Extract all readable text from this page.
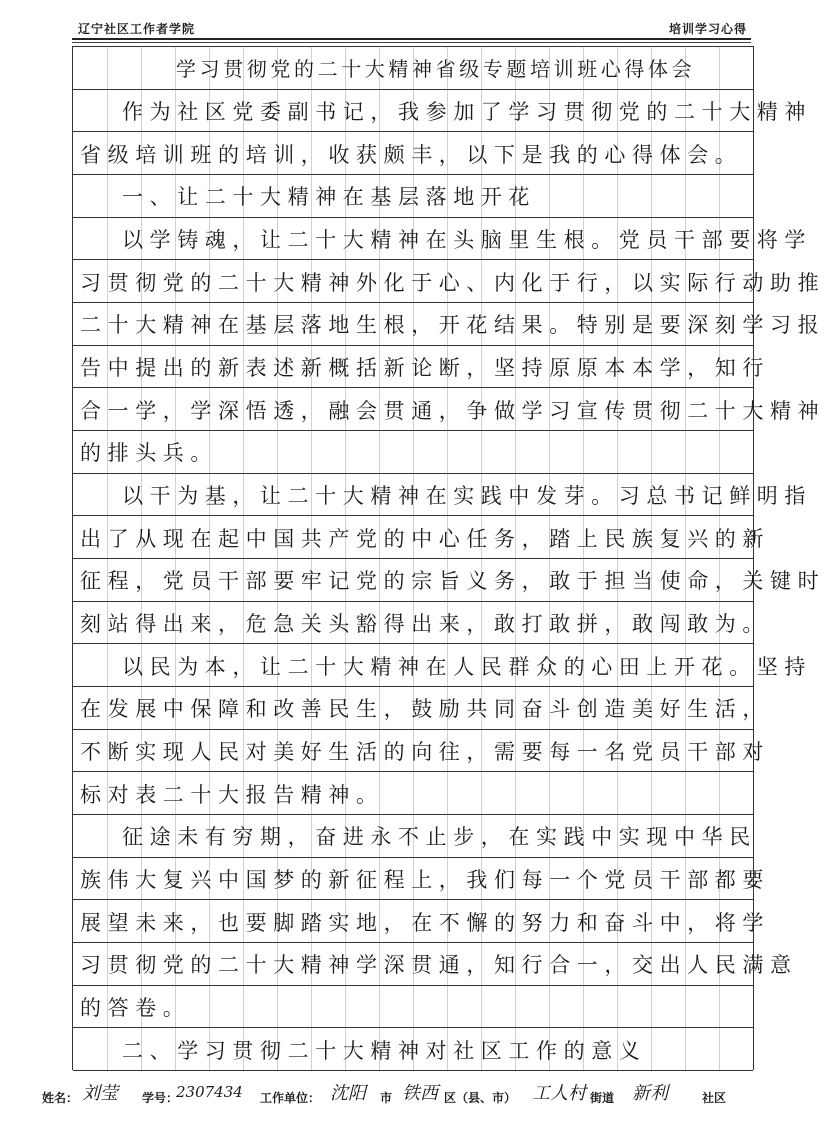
辽宁社区工作者学院	培训学习心得
学习贯彻党的二十大精神省级专题培训班心得体会
作为社区党委副书记，我参加了学习贯彻党的二十大精神
省级培训班的培训，收获颇丰，以下是我的心得体会。
一、让二十大精神在基层落地开花
以学铸魂，让二十大精神在头脑里生根。党员干部要将学
习贯彻党的二十大精神外化于心、内化于行，以实际行动助推
二十大精神在基层落地生根，开花结果。特别是要深刻学习报
告中提出的新表述新概括新论断，坚持原原本本学，知行
合一学，学深悟透，融会贯通，争做学习宣传贯彻二十大精神
的排头兵。
以干为基，让二十大精神在实践中发芽。习总书记鲜明指
出了从现在起中国共产党的中心任务，踏上民族复兴的新
征程，党员干部要牢记党的宗旨义务，敢于担当使命，关键时
刻站得出来，危急关头豁得出来，敢打敢拼，敢闯敢为。
以民为本，让二十大精神在人民群众的心田上开花。坚持
在发展中保障和改善民生，鼓励共同奋斗创造美好生活，
不断实现人民对美好生活的向往，需要每一名党员干部对
标对表二十大报告精神。
征途未有穷期，奋进永不止步，在实践中实现中华民
族伟大复兴中国梦的新征程上，我们每一个党员干部都要
展望未来，也要脚踏实地，在不懈的努力和奋斗中，将学
习贯彻党的二十大精神学深贯通，知行合一，交出人民满意
的答卷。
二、学习贯彻二十大精神对社区工作的意义
姓名： 刘莹 学号：
2307434 工作单位： 沈阳 市 铁西 区（县、市） 工人村 街道 新利	社区
